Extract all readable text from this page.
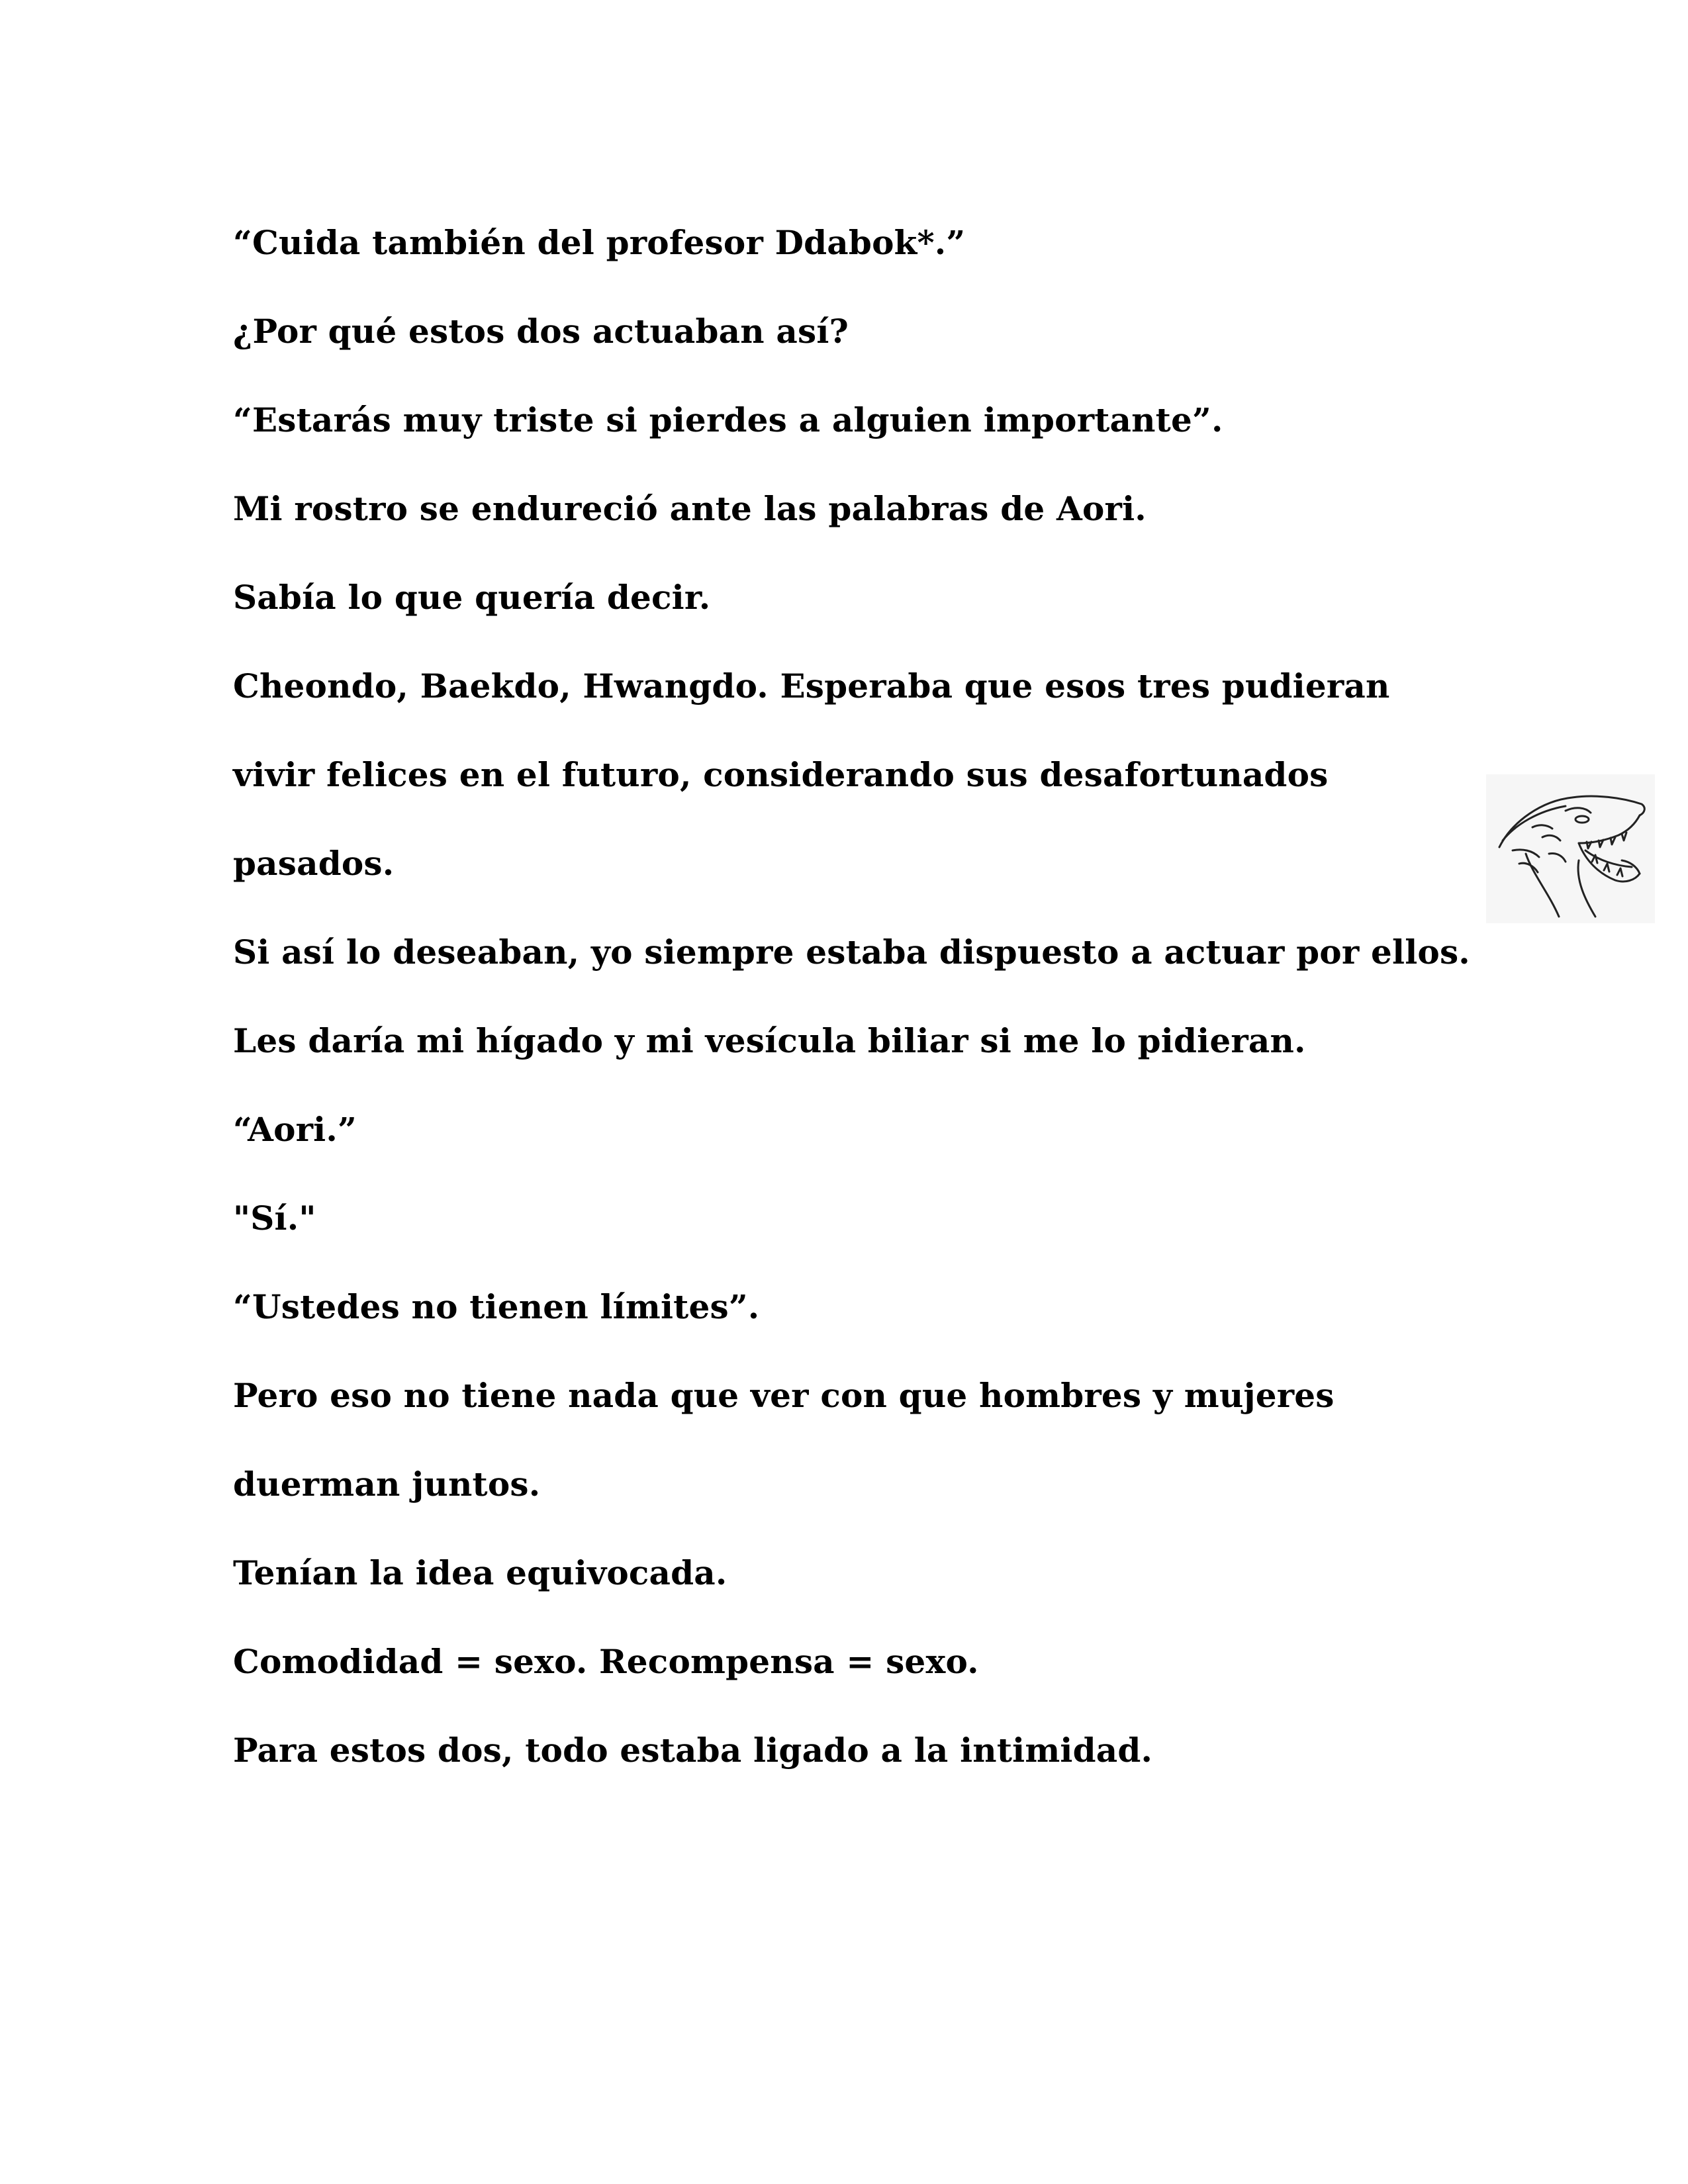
“Cuida también del profesor Ddabok*.”

¿Por qué estos dos actuaban así?

“Estarás muy triste si pierdes a alguien importante”.

Mi rostro se endureció ante las palabras de Aori.

Sabía lo que quería decir.

Cheondo, Baekdo, Hwangdo. Esperaba que esos tres pudieran vivir felices en el futuro, considerando sus desafortunados pasados.

Si así lo deseaban, yo siempre estaba dispuesto a actuar por ellos.

Les daría mi hígado y mi vesícula biliar si me lo pidieran.

“Aori.”

"Sí."

“Ustedes no tienen límites”.

Pero eso no tiene nada que ver con que hombres y mujeres duerman juntos.

Tenían la idea equivocada.

Comodidad = sexo. Recompensa = sexo.

Para estos dos, todo estaba ligado a la intimidad.
